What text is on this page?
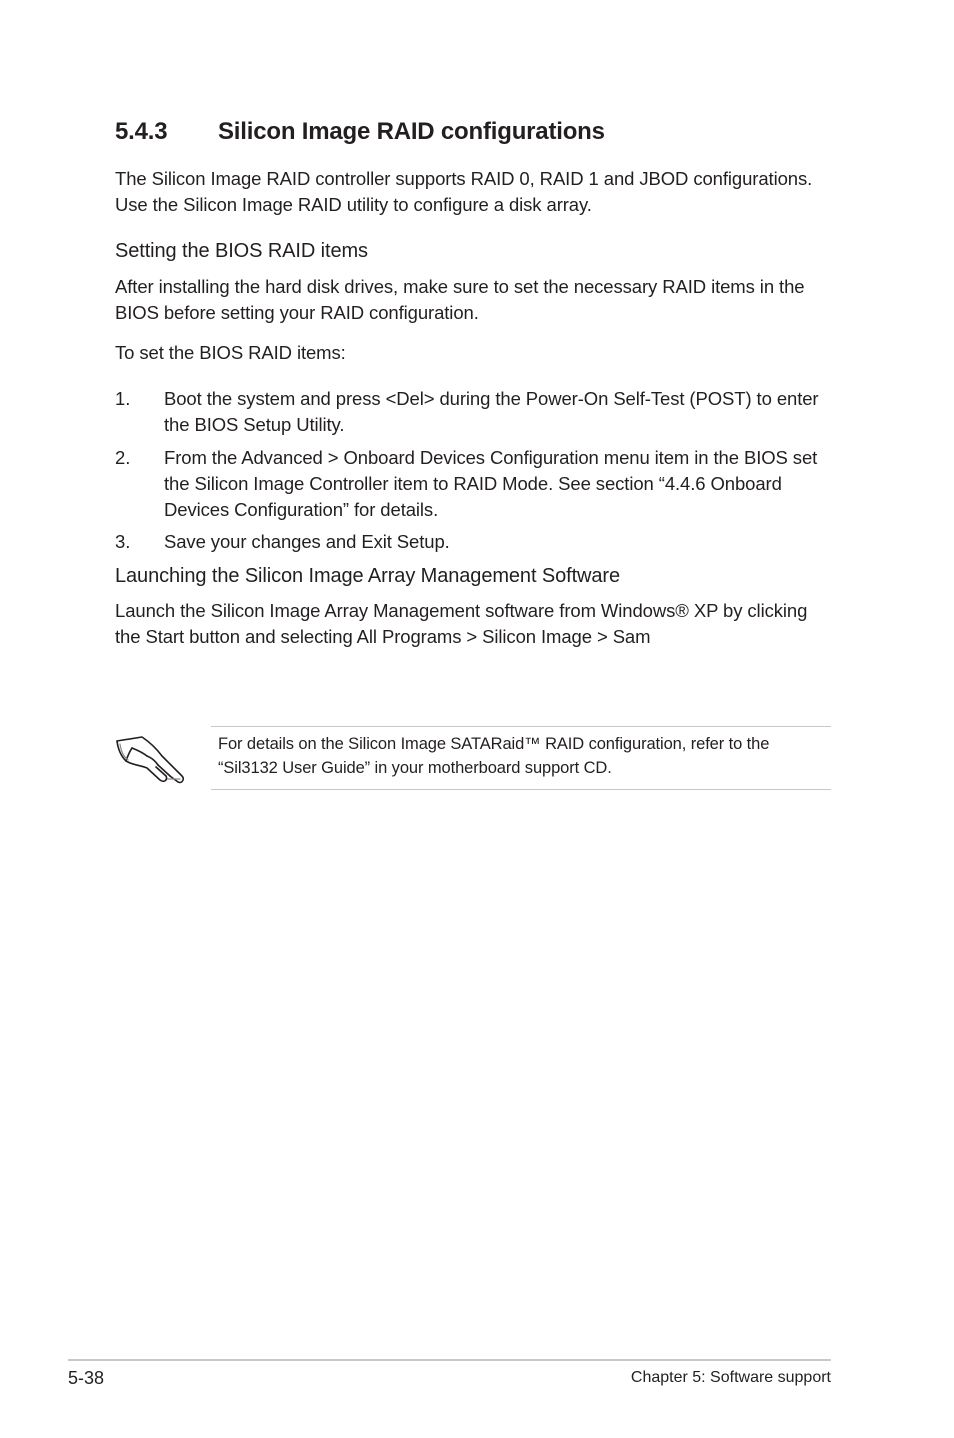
5.4.3 Silicon Image RAID configurations
The Silicon Image RAID controller supports RAID 0, RAID 1 and JBOD configurations. Use the Silicon Image RAID utility to configure a disk array.
Setting the BIOS RAID items
After installing the hard disk drives, make sure to set the necessary RAID items in the BIOS before setting your RAID configuration.
To set the BIOS RAID items:
1.	Boot the system and press <Del> during the Power-On Self-Test (POST) to enter the BIOS Setup Utility.
2.	From the Advanced > Onboard Devices Configuration menu item in the BIOS set the Silicon Image Controller item to RAID Mode. See section “4.4.6 Onboard Devices Configuration” for details.
3.	Save your changes and Exit Setup.
Launching the Silicon Image Array Management Software
Launch the Silicon Image Array Management software from Windows® XP by clicking the Start button and selecting All Programs > Silicon Image > Sam
For details on the Silicon Image SATARaid™ RAID configuration, refer to the “Sil3132 User Guide” in your motherboard support CD.
5-38	Chapter 5: Software support
